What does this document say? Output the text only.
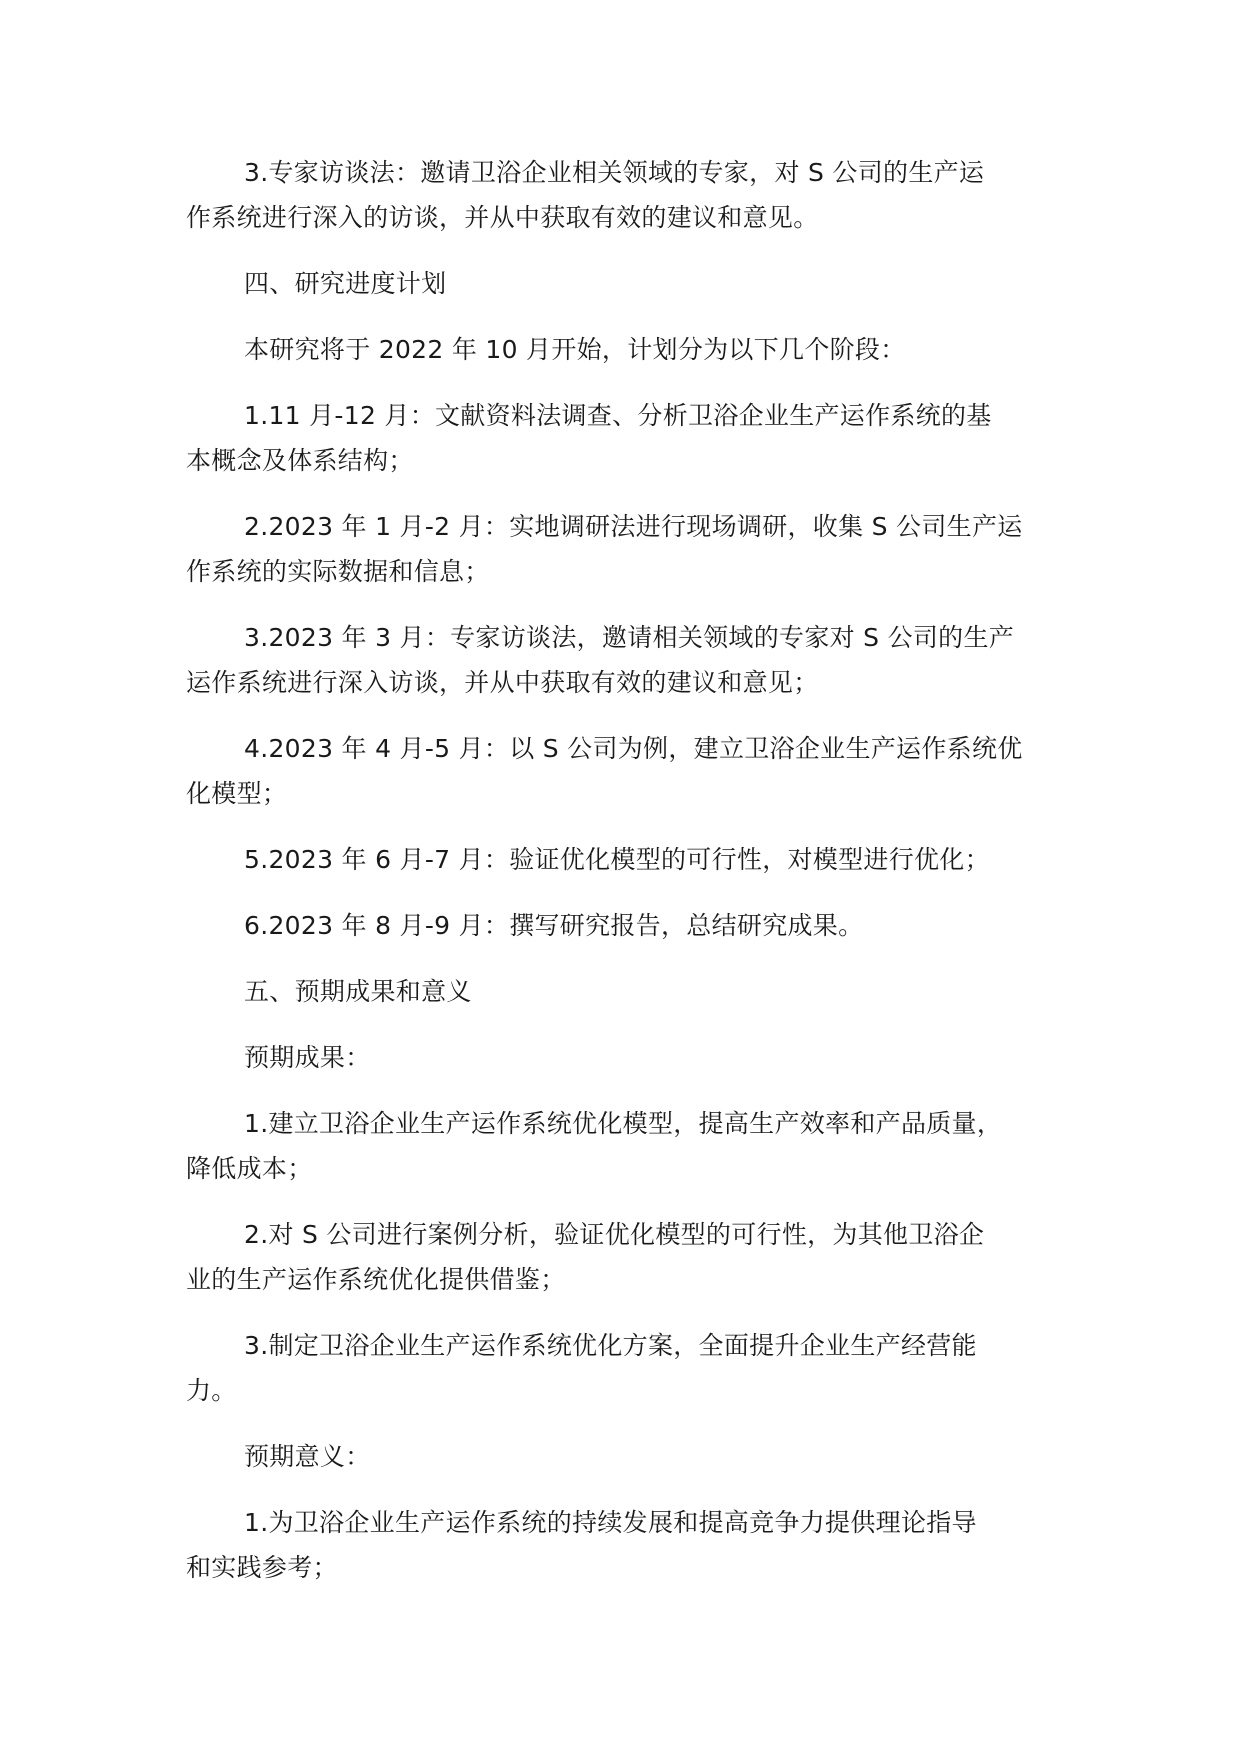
3.专家访谈法：邀请卫浴企业相关领域的专家，对 S 公司的生产运
作系统进行深入的访谈，并从中获取有效的建议和意见。

四、研究进度计划

本研究将于 2022 年 10 月开始，计划分为以下几个阶段：

1.11 月-12 月：文献资料法调查、分析卫浴企业生产运作系统的基
本概念及体系结构；

2.2023 年 1 月-2 月：实地调研法进行现场调研，收集 S 公司生产运
作系统的实际数据和信息；

3.2023 年 3 月：专家访谈法，邀请相关领域的专家对 S 公司的生产
运作系统进行深入访谈，并从中获取有效的建议和意见；

4.2023 年 4 月-5 月：以 S 公司为例，建立卫浴企业生产运作系统优
化模型；

5.2023 年 6 月-7 月：验证优化模型的可行性，对模型进行优化；

6.2023 年 8 月-9 月：撰写研究报告，总结研究成果。

五、预期成果和意义

预期成果：

1.建立卫浴企业生产运作系统优化模型，提高生产效率和产品质量，
降低成本；

2.对 S 公司进行案例分析，验证优化模型的可行性，为其他卫浴企
业的生产运作系统优化提供借鉴；

3.制定卫浴企业生产运作系统优化方案，全面提升企业生产经营能
力。

预期意义：

1.为卫浴企业生产运作系统的持续发展和提高竞争力提供理论指导
和实践参考；
